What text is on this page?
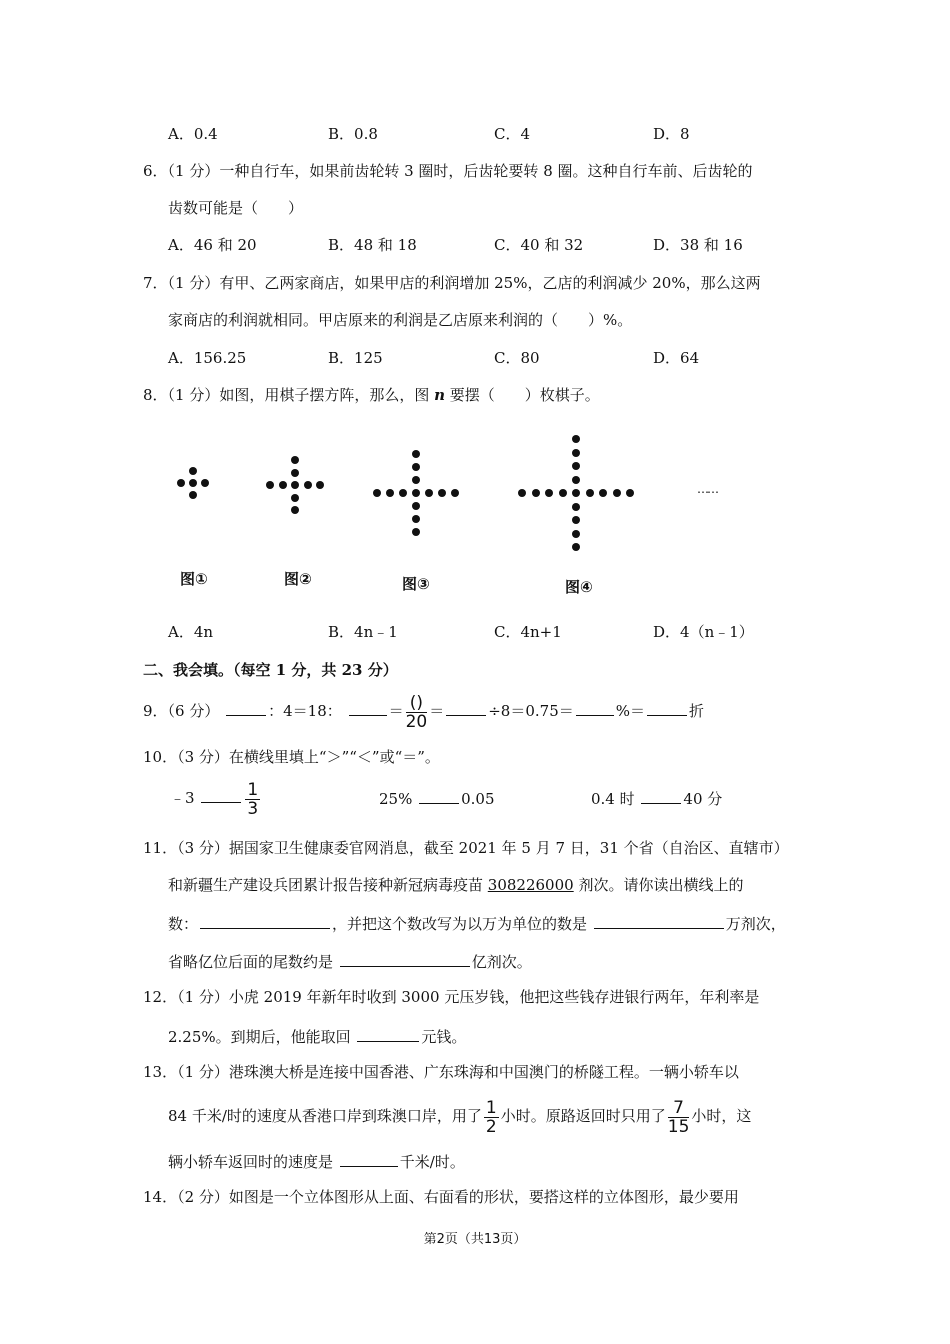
A．0.4	B．0.8	C．4	D．8
6．（1 分）一种自行车，如果前齿轮转 3 圈时，后齿轮要转 8 圈。这种自行车前、后齿轮的
齿数可能是（　　）
A．46 和 20	B．48 和 18	C．40 和 32	D．38 和 16
7．（1 分）有甲、乙两家商店，如果甲店的利润增加 25%，乙店的利润减少 20%，那么这两
家商店的利润就相同。甲店原来的利润是乙店原来利润的（　　）%。
A．156.25	B．125	C．80	D．64
8．（1 分）如图，用棋子摆方阵，那么，图 n 要摆（　　）枚棋子。
图①	图②	图③	图④
……
A．4n	B．4n﹣1	C．4n+1	D．4（n﹣1）
二、我会填。（每空 1 分，共 23 分）
9．（6 分）	：4＝18：	＝ $\frac{()}{20}$ ＝	÷8＝0.75＝	%＝	折
10．（3 分）在横线里填上“＞”“＜”或“＝”。
﹣3	$\frac{1}{3}$	25%	0.05	0.4 时	40 分
11．（3 分）据国家卫生健康委官网消息，截至 2021 年 5 月 7 日，31 个省（自治区、直辖市）
和新疆生产建设兵团累计报告接种新冠病毒疫苗 308226000 剂次。请你读出横线上的
数：	，并把这个数改写为以万为单位的数是	万剂次，
省略亿位后面的尾数约是	亿剂次。
12．（1 分）小虎 2019 年新年时收到 3000 元压岁钱，他把这些钱存进银行两年，年利率是
2.25%。到期后，他能取回	元钱。
13．（1 分）港珠澳大桥是连接中国香港、广东珠海和中国澳门的桥隧工程。一辆小轿车以
84 千米/时的速度从香港口岸到珠澳口岸，用了 $\frac{1}{2}$ 小时。原路返回时只用了 $\frac{7}{15}$ 小时，这
辆小轿车返回时的速度是	千米/时。
14．（2 分）如图是一个立体图形从上面、右面看的形状，要搭这样的立体图形，最少要用
第2页（共13页）
